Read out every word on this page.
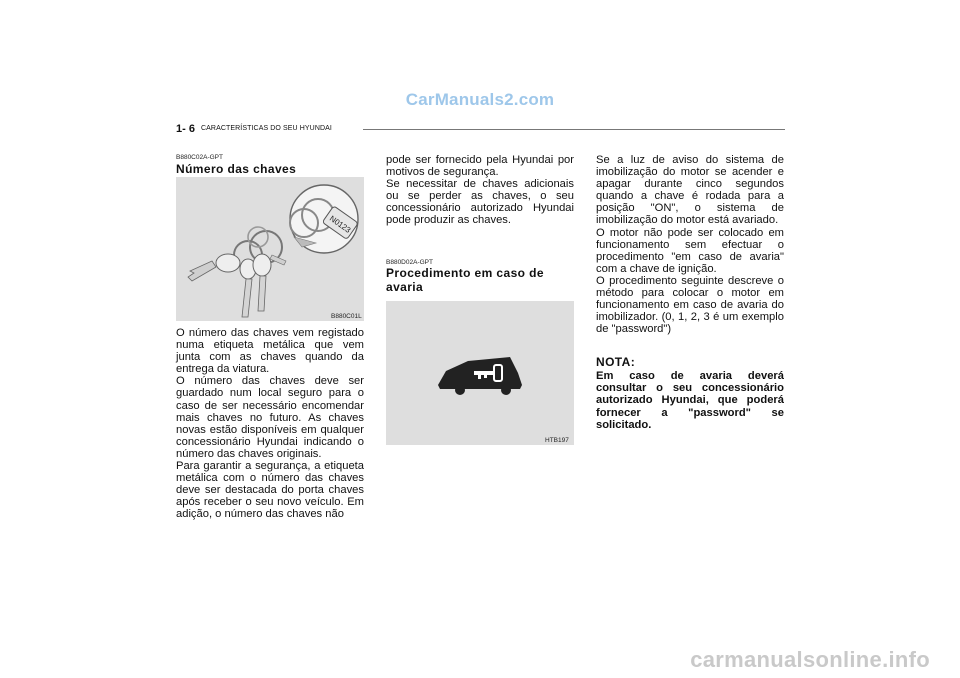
CarManuals2.com
carmanualsonline.info
1- 6 CARACTERÍSTICAS DO SEU HYUNDAI
B880C02A-GPT
Número das chaves
N0123
B880C01L

O número das chaves vem registado numa etiqueta metálica que vem junta com as chaves quando da entrega da viatura.

O número das chaves deve ser guardado num local seguro para o caso de ser necessário encomendar mais chaves no futuro. As chaves novas estão disponíveis em qualquer concessionário Hyundai indicando o número das chaves originais.

Para garantir a segurança, a etiqueta metálica com o número das chaves deve ser destacada do porta chaves após receber o seu novo veículo. Em adição, o número das chaves não

pode ser fornecido pela Hyundai por motivos de segurança.

Se necessitar de chaves adicionais ou se perder as chaves, o seu concessionário autorizado Hyundai pode produzir as chaves.

B880D02A-GPT
Procedimento em caso de avaria
HTB197

Se a luz de aviso do sistema de imobilização do motor se acender e apagar durante cinco segundos quando a chave é rodada para a posição "ON", o sistema de imobilização do motor está avariado.

O motor não pode ser colocado em funcionamento sem efectuar o procedimento "em caso de avaria" com a chave de ignição.

O procedimento seguinte descreve o método para colocar o motor em funcionamento em caso de avaria do imobilizador. (0, 1, 2, 3 é um exemplo de "password")

NOTA:
Em caso de avaria deverá consultar o seu concessionário autorizado Hyundai, que poderá fornecer a "password" se solicitado.
